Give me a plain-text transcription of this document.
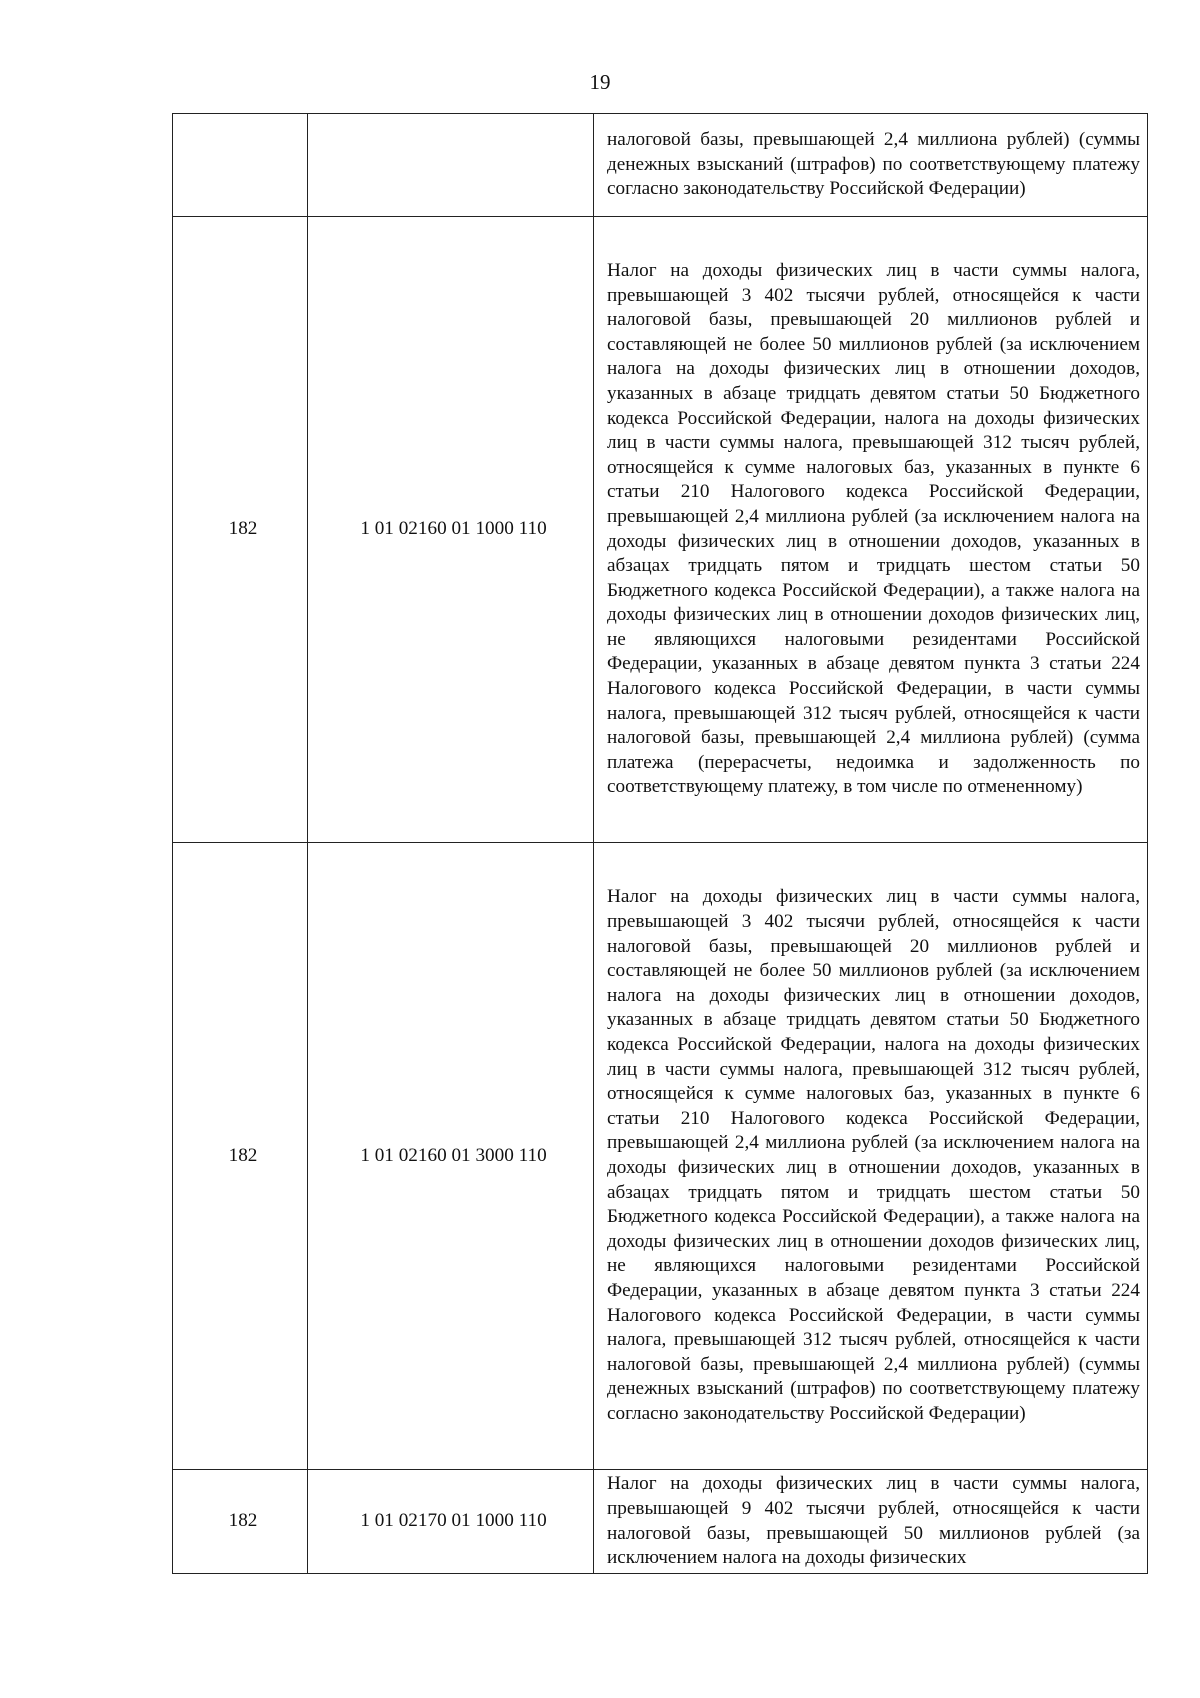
19
		налоговой базы, превышающей 2,4 миллиона рублей) (суммы денежных взысканий (штрафов) по соответствующему платежу согласно законодательству Российской Федерации)
182	1 01 02160 01 1000 110	Налог на доходы физических лиц в части суммы налога, превышающей 3 402 тысячи рублей, относящейся к части налоговой базы, превышающей 20 миллионов рублей и составляющей не более 50 миллионов рублей (за исключением налога на доходы физических лиц в отношении доходов, указанных в абзаце тридцать девятом статьи 50 Бюджетного кодекса Российской Федерации, налога на доходы физических лиц в части суммы налога, превышающей 312 тысяч рублей, относящейся к сумме налоговых баз, указанных в пункте 6 статьи 210 Налогового кодекса Российской Федерации, превышающей 2,4 миллиона рублей (за исключением налога на доходы физических лиц в отношении доходов, указанных в абзацах тридцать пятом и тридцать шестом статьи 50 Бюджетного кодекса Российской Федерации), а также налога на доходы физических лиц в отношении доходов физических лиц, не являющихся налоговыми резидентами Российской Федерации, указанных в абзаце девятом пункта 3 статьи 224 Налогового кодекса Российской Федерации, в части суммы налога, превышающей 312 тысяч рублей, относящейся к части налоговой базы, превышающей 2,4 миллиона рублей) (сумма платежа (перерасчеты, недоимка и задолженность по соответствующему платежу, в том числе по отмененному)
182	1 01 02160 01 3000 110	Налог на доходы физических лиц в части суммы налога, превышающей 3 402 тысячи рублей, относящейся к части налоговой базы, превышающей 20 миллионов рублей и составляющей не более 50 миллионов рублей (за исключением налога на доходы физических лиц в отношении доходов, указанных в абзаце тридцать девятом статьи 50 Бюджетного кодекса Российской Федерации, налога на доходы физических лиц в части суммы налога, превышающей 312 тысяч рублей, относящейся к сумме налоговых баз, указанных в пункте 6 статьи 210 Налогового кодекса Российской Федерации, превышающей 2,4 миллиона рублей (за исключением налога на доходы физических лиц в отношении доходов, указанных в абзацах тридцать пятом и тридцать шестом статьи 50 Бюджетного кодекса Российской Федерации), а также налога на доходы физических лиц в отношении доходов физических лиц, не являющихся налоговыми резидентами Российской Федерации, указанных в абзаце девятом пункта 3 статьи 224 Налогового кодекса Российской Федерации, в части суммы налога, превышающей 312 тысяч рублей, относящейся к части налоговой базы, превышающей 2,4 миллиона рублей) (суммы денежных взысканий (штрафов) по соответствующему платежу согласно законодательству Российской Федерации)
182	1 01 02170 01 1000 110	Налог на доходы физических лиц в части суммы налога, превышающей 9 402 тысячи рублей, относящейся к части налоговой базы, превышающей 50 миллионов рублей (за исключением налога на доходы физических
